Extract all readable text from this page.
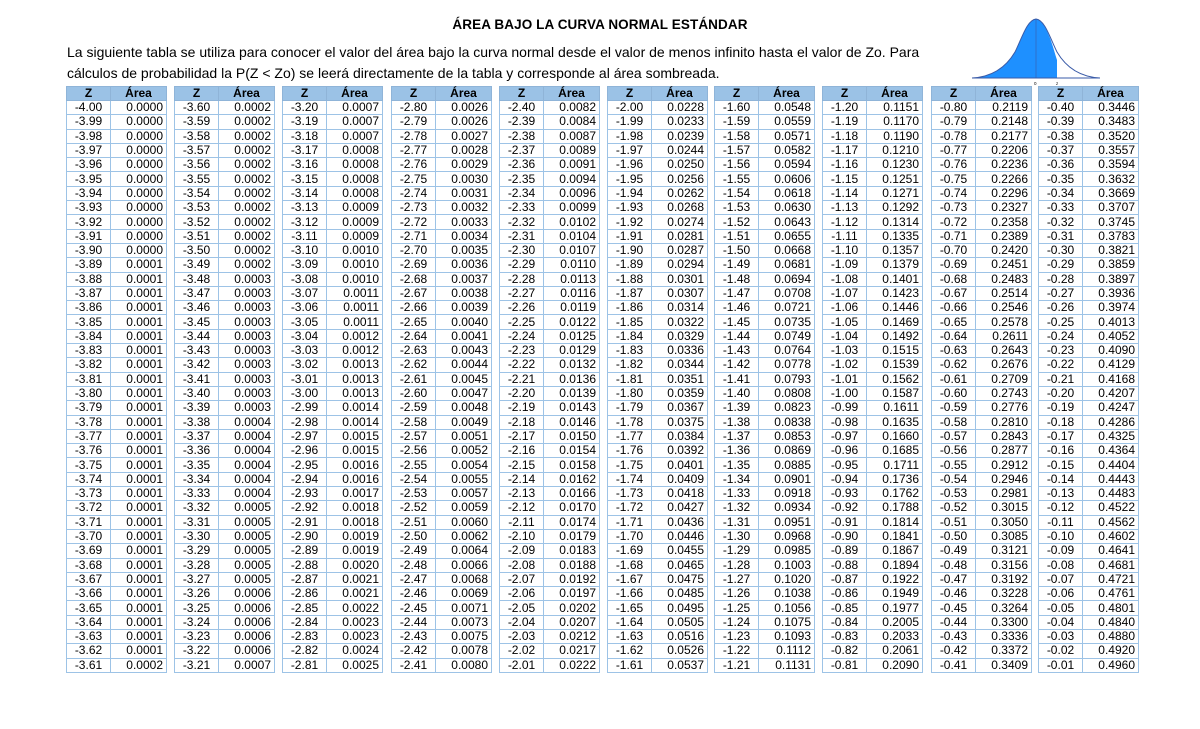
ÁREA BAJO LA CURVA NORMAL ESTÁNDAR
La siguiente tabla se utiliza para conocer el valor del área bajo la curva normal desde el valor de menos infinito hasta el valor de Zo. Para
cálculos de probabilidad la P(Z < Zo) se leerá directamente de la tabla y corresponde al área sombreada.
0	z
Z	Área
-4.00	0.0000
-3.99	0.0000
-3.98	0.0000
-3.97	0.0000
-3.96	0.0000
-3.95	0.0000
-3.94	0.0000
-3.93	0.0000
-3.92	0.0000
-3.91	0.0000
-3.90	0.0000
-3.89	0.0001
-3.88	0.0001
-3.87	0.0001
-3.86	0.0001
-3.85	0.0001
-3.84	0.0001
-3.83	0.0001
-3.82	0.0001
-3.81	0.0001
-3.80	0.0001
-3.79	0.0001
-3.78	0.0001
-3.77	0.0001
-3.76	0.0001
-3.75	0.0001
-3.74	0.0001
-3.73	0.0001
-3.72	0.0001
-3.71	0.0001
-3.70	0.0001
-3.69	0.0001
-3.68	0.0001
-3.67	0.0001
-3.66	0.0001
-3.65	0.0001
-3.64	0.0001
-3.63	0.0001
-3.62	0.0001
-3.61	0.0002
Z	Área
-3.60	0.0002
-3.59	0.0002
-3.58	0.0002
-3.57	0.0002
-3.56	0.0002
-3.55	0.0002
-3.54	0.0002
-3.53	0.0002
-3.52	0.0002
-3.51	0.0002
-3.50	0.0002
-3.49	0.0002
-3.48	0.0003
-3.47	0.0003
-3.46	0.0003
-3.45	0.0003
-3.44	0.0003
-3.43	0.0003
-3.42	0.0003
-3.41	0.0003
-3.40	0.0003
-3.39	0.0003
-3.38	0.0004
-3.37	0.0004
-3.36	0.0004
-3.35	0.0004
-3.34	0.0004
-3.33	0.0004
-3.32	0.0005
-3.31	0.0005
-3.30	0.0005
-3.29	0.0005
-3.28	0.0005
-3.27	0.0005
-3.26	0.0006
-3.25	0.0006
-3.24	0.0006
-3.23	0.0006
-3.22	0.0006
-3.21	0.0007
Z	Área
-3.20	0.0007
-3.19	0.0007
-3.18	0.0007
-3.17	0.0008
-3.16	0.0008
-3.15	0.0008
-3.14	0.0008
-3.13	0.0009
-3.12	0.0009
-3.11	0.0009
-3.10	0.0010
-3.09	0.0010
-3.08	0.0010
-3.07	0.0011
-3.06	0.0011
-3.05	0.0011
-3.04	0.0012
-3.03	0.0012
-3.02	0.0013
-3.01	0.0013
-3.00	0.0013
-2.99	0.0014
-2.98	0.0014
-2.97	0.0015
-2.96	0.0015
-2.95	0.0016
-2.94	0.0016
-2.93	0.0017
-2.92	0.0018
-2.91	0.0018
-2.90	0.0019
-2.89	0.0019
-2.88	0.0020
-2.87	0.0021
-2.86	0.0021
-2.85	0.0022
-2.84	0.0023
-2.83	0.0023
-2.82	0.0024
-2.81	0.0025
Z	Área
-2.80	0.0026
-2.79	0.0026
-2.78	0.0027
-2.77	0.0028
-2.76	0.0029
-2.75	0.0030
-2.74	0.0031
-2.73	0.0032
-2.72	0.0033
-2.71	0.0034
-2.70	0.0035
-2.69	0.0036
-2.68	0.0037
-2.67	0.0038
-2.66	0.0039
-2.65	0.0040
-2.64	0.0041
-2.63	0.0043
-2.62	0.0044
-2.61	0.0045
-2.60	0.0047
-2.59	0.0048
-2.58	0.0049
-2.57	0.0051
-2.56	0.0052
-2.55	0.0054
-2.54	0.0055
-2.53	0.0057
-2.52	0.0059
-2.51	0.0060
-2.50	0.0062
-2.49	0.0064
-2.48	0.0066
-2.47	0.0068
-2.46	0.0069
-2.45	0.0071
-2.44	0.0073
-2.43	0.0075
-2.42	0.0078
-2.41	0.0080
Z	Área
-2.40	0.0082
-2.39	0.0084
-2.38	0.0087
-2.37	0.0089
-2.36	0.0091
-2.35	0.0094
-2.34	0.0096
-2.33	0.0099
-2.32	0.0102
-2.31	0.0104
-2.30	0.0107
-2.29	0.0110
-2.28	0.0113
-2.27	0.0116
-2.26	0.0119
-2.25	0.0122
-2.24	0.0125
-2.23	0.0129
-2.22	0.0132
-2.21	0.0136
-2.20	0.0139
-2.19	0.0143
-2.18	0.0146
-2.17	0.0150
-2.16	0.0154
-2.15	0.0158
-2.14	0.0162
-2.13	0.0166
-2.12	0.0170
-2.11	0.0174
-2.10	0.0179
-2.09	0.0183
-2.08	0.0188
-2.07	0.0192
-2.06	0.0197
-2.05	0.0202
-2.04	0.0207
-2.03	0.0212
-2.02	0.0217
-2.01	0.0222
Z	Área
-2.00	0.0228
-1.99	0.0233
-1.98	0.0239
-1.97	0.0244
-1.96	0.0250
-1.95	0.0256
-1.94	0.0262
-1.93	0.0268
-1.92	0.0274
-1.91	0.0281
-1.90	0.0287
-1.89	0.0294
-1.88	0.0301
-1.87	0.0307
-1.86	0.0314
-1.85	0.0322
-1.84	0.0329
-1.83	0.0336
-1.82	0.0344
-1.81	0.0351
-1.80	0.0359
-1.79	0.0367
-1.78	0.0375
-1.77	0.0384
-1.76	0.0392
-1.75	0.0401
-1.74	0.0409
-1.73	0.0418
-1.72	0.0427
-1.71	0.0436
-1.70	0.0446
-1.69	0.0455
-1.68	0.0465
-1.67	0.0475
-1.66	0.0485
-1.65	0.0495
-1.64	0.0505
-1.63	0.0516
-1.62	0.0526
-1.61	0.0537
Z	Área
-1.60	0.0548
-1.59	0.0559
-1.58	0.0571
-1.57	0.0582
-1.56	0.0594
-1.55	0.0606
-1.54	0.0618
-1.53	0.0630
-1.52	0.0643
-1.51	0.0655
-1.50	0.0668
-1.49	0.0681
-1.48	0.0694
-1.47	0.0708
-1.46	0.0721
-1.45	0.0735
-1.44	0.0749
-1.43	0.0764
-1.42	0.0778
-1.41	0.0793
-1.40	0.0808
-1.39	0.0823
-1.38	0.0838
-1.37	0.0853
-1.36	0.0869
-1.35	0.0885
-1.34	0.0901
-1.33	0.0918
-1.32	0.0934
-1.31	0.0951
-1.30	0.0968
-1.29	0.0985
-1.28	0.1003
-1.27	0.1020
-1.26	0.1038
-1.25	0.1056
-1.24	0.1075
-1.23	0.1093
-1.22	0.1112
-1.21	0.1131
Z	Área
-1.20	0.1151
-1.19	0.1170
-1.18	0.1190
-1.17	0.1210
-1.16	0.1230
-1.15	0.1251
-1.14	0.1271
-1.13	0.1292
-1.12	0.1314
-1.11	0.1335
-1.10	0.1357
-1.09	0.1379
-1.08	0.1401
-1.07	0.1423
-1.06	0.1446
-1.05	0.1469
-1.04	0.1492
-1.03	0.1515
-1.02	0.1539
-1.01	0.1562
-1.00	0.1587
-0.99	0.1611
-0.98	0.1635
-0.97	0.1660
-0.96	0.1685
-0.95	0.1711
-0.94	0.1736
-0.93	0.1762
-0.92	0.1788
-0.91	0.1814
-0.90	0.1841
-0.89	0.1867
-0.88	0.1894
-0.87	0.1922
-0.86	0.1949
-0.85	0.1977
-0.84	0.2005
-0.83	0.2033
-0.82	0.2061
-0.81	0.2090
Z	Área
-0.80	0.2119
-0.79	0.2148
-0.78	0.2177
-0.77	0.2206
-0.76	0.2236
-0.75	0.2266
-0.74	0.2296
-0.73	0.2327
-0.72	0.2358
-0.71	0.2389
-0.70	0.2420
-0.69	0.2451
-0.68	0.2483
-0.67	0.2514
-0.66	0.2546
-0.65	0.2578
-0.64	0.2611
-0.63	0.2643
-0.62	0.2676
-0.61	0.2709
-0.60	0.2743
-0.59	0.2776
-0.58	0.2810
-0.57	0.2843
-0.56	0.2877
-0.55	0.2912
-0.54	0.2946
-0.53	0.2981
-0.52	0.3015
-0.51	0.3050
-0.50	0.3085
-0.49	0.3121
-0.48	0.3156
-0.47	0.3192
-0.46	0.3228
-0.45	0.3264
-0.44	0.3300
-0.43	0.3336
-0.42	0.3372
-0.41	0.3409
Z	Área
-0.40	0.3446
-0.39	0.3483
-0.38	0.3520
-0.37	0.3557
-0.36	0.3594
-0.35	0.3632
-0.34	0.3669
-0.33	0.3707
-0.32	0.3745
-0.31	0.3783
-0.30	0.3821
-0.29	0.3859
-0.28	0.3897
-0.27	0.3936
-0.26	0.3974
-0.25	0.4013
-0.24	0.4052
-0.23	0.4090
-0.22	0.4129
-0.21	0.4168
-0.20	0.4207
-0.19	0.4247
-0.18	0.4286
-0.17	0.4325
-0.16	0.4364
-0.15	0.4404
-0.14	0.4443
-0.13	0.4483
-0.12	0.4522
-0.11	0.4562
-0.10	0.4602
-0.09	0.4641
-0.08	0.4681
-0.07	0.4721
-0.06	0.4761
-0.05	0.4801
-0.04	0.4840
-0.03	0.4880
-0.02	0.4920
-0.01	0.4960
